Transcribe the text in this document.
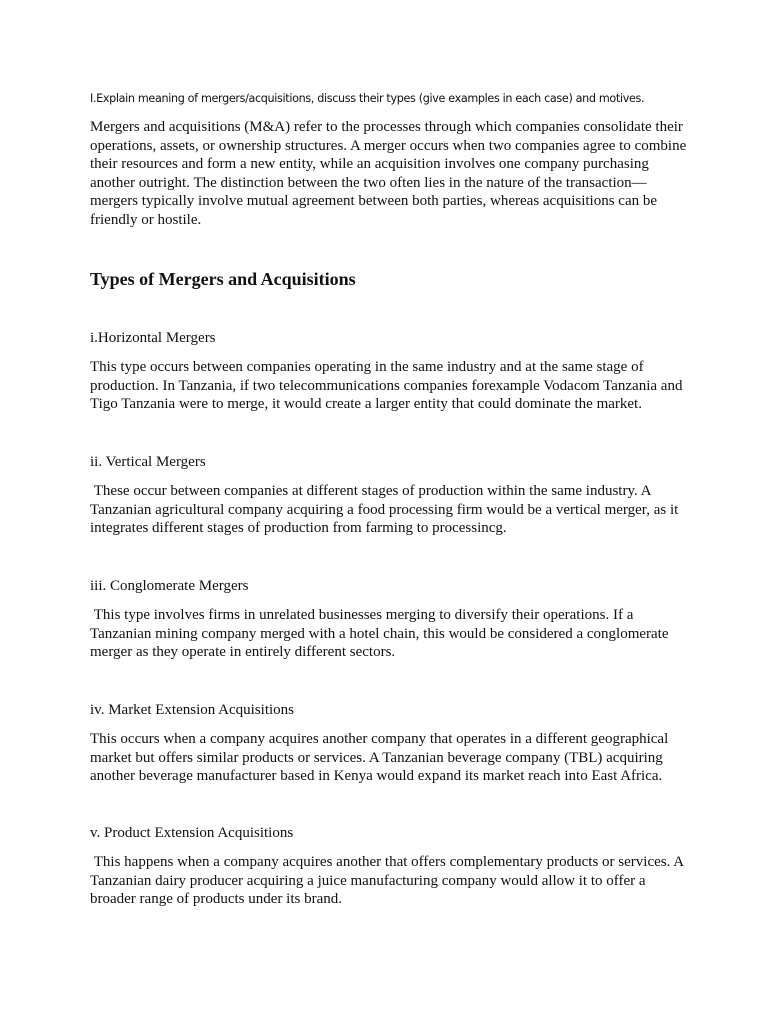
I.Explain meaning of mergers/acquisitions, discuss their types (give examples in each case) and motives.

Mergers and acquisitions (M&A) refer to the processes through which companies consolidate their operations, assets, or ownership structures. A merger occurs when two companies agree to combine their resources and form a new entity, while an acquisition involves one company purchasing another outright. The distinction between the two often lies in the nature of the transaction—mergers typically involve mutual agreement between both parties, whereas acquisitions can be friendly or hostile.

Types of Mergers and Acquisitions

i.Horizontal Mergers

This type occurs between companies operating in the same industry and at the same stage of production. In Tanzania, if two telecommunications companies forexample Vodacom Tanzania and Tigo Tanzania were to merge, it would create a larger entity that could dominate the market.

ii. Vertical Mergers

These occur between companies at different stages of production within the same industry. A Tanzanian agricultural company acquiring a food processing firm would be a vertical merger, as it integrates different stages of production from farming to processincg.

iii. Conglomerate Mergers

This type involves firms in unrelated businesses merging to diversify their operations. If a Tanzanian mining company merged with a hotel chain, this would be considered a conglomerate merger as they operate in entirely different sectors.

iv. Market Extension Acquisitions

This occurs when a company acquires another company that operates in a different geographical market but offers similar products or services. A Tanzanian beverage company (TBL) acquiring another beverage manufacturer based in Kenya would expand its market reach into East Africa.

v. Product Extension Acquisitions

This happens when a company acquires another that offers complementary products or services. A Tanzanian dairy producer acquiring a juice manufacturing company would allow it to offer a broader range of products under its brand.
